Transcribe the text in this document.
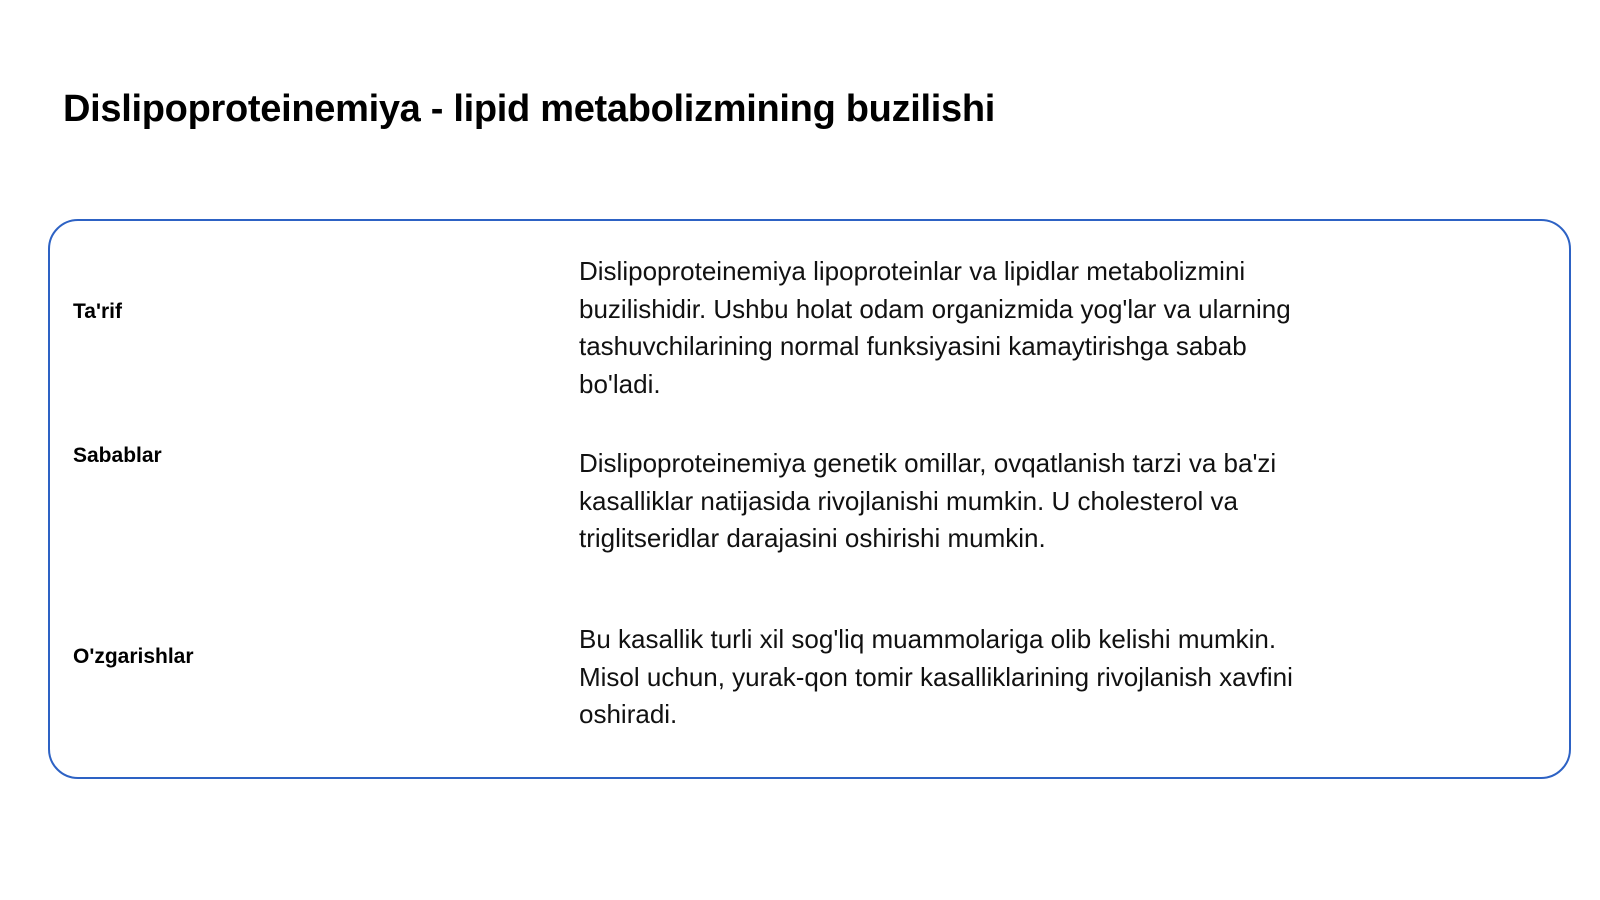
Dislipoproteinemiya - lipid metabolizmining buzilishi
Ta'rif

Dislipoproteinemiya lipoproteinlar va lipidlar metabolizmini buzilishidir. Ushbu holat odam organizmida yog'lar va ularning tashuvchilarining normal funksiyasini kamaytirishga sabab bo'ladi.

Sabablar	Dislipoproteinemiya genetik omillar, ovqatlanish tarzi va ba'zi kasalliklar natijasida rivojlanishi mumkin. U cholesterol va triglitseridlar darajasini oshirishi mumkin.

O'zgarishlar

Bu kasallik turli xil sog'liq muammolariga olib kelishi mumkin. Misol uchun, yurak-qon tomir kasalliklarining rivojlanish xavfini oshiradi.
